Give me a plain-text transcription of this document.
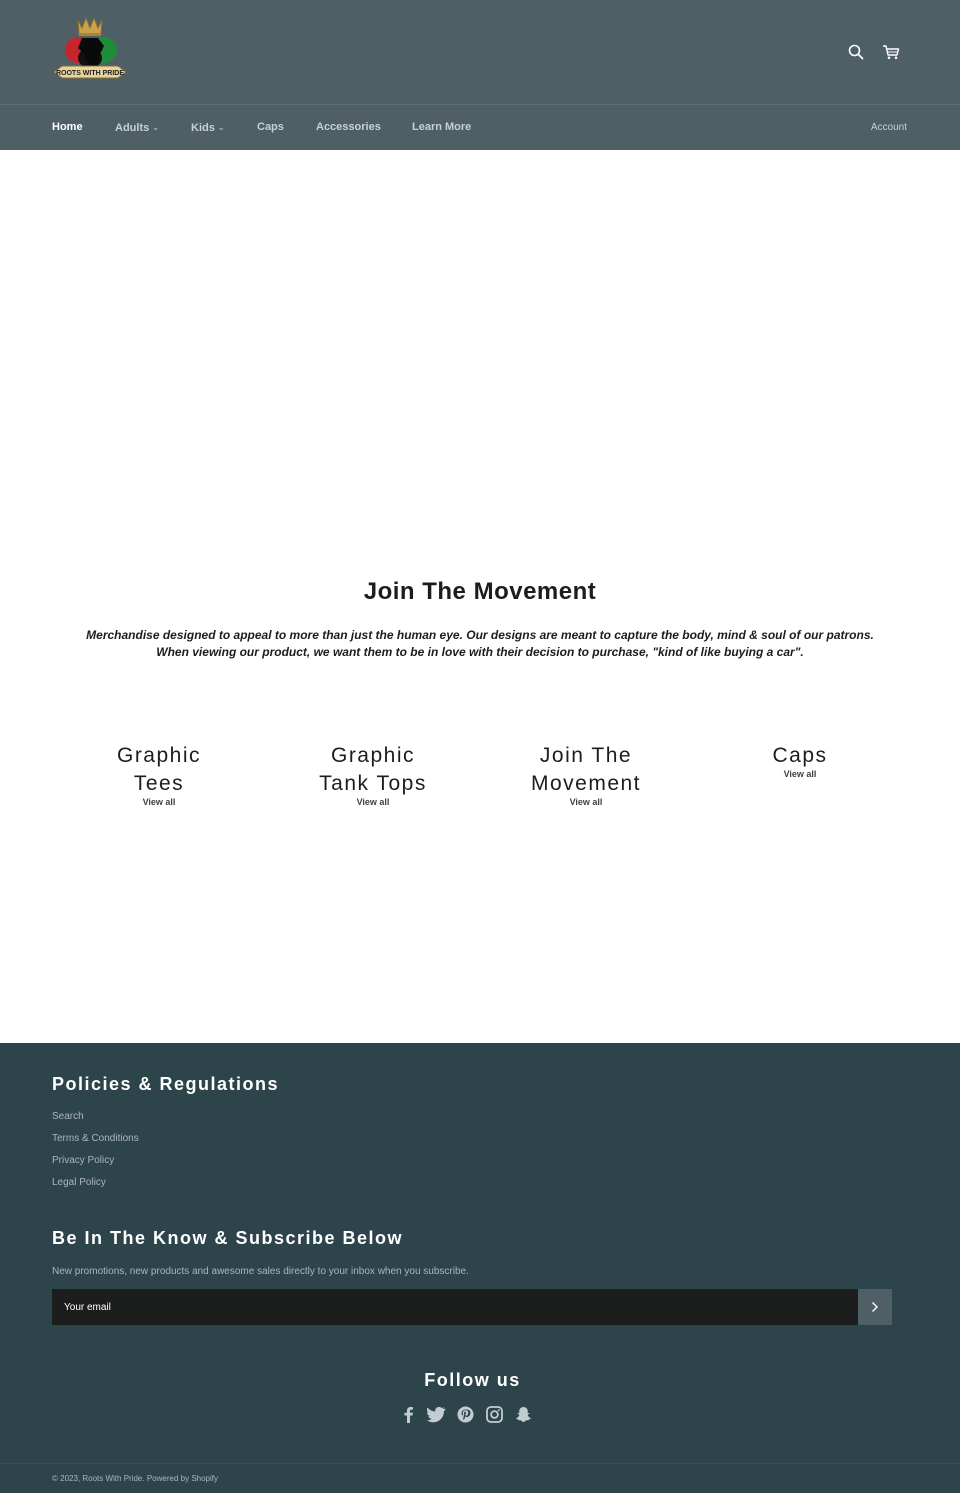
ROOTS WITH PRIDE
Home	Adults ⌄	Kids ⌄	Caps	Accessories	Learn More	Account
Join The Movement
Merchandise designed to appeal to more than just the human eye. Our designs are meant to capture the body, mind & soul of our patrons.
When viewing our product, we want them to be in love with their decision to purchase, "kind of like buying a car".
Graphic
Tees
View all
Graphic
Tank Tops
View all
Join The
Movement
View all
Caps
View all
Policies & Regulations
Search
Terms & Conditions
Privacy Policy
Legal Policy
Be In The Know & Subscribe Below

New promotions, new products and awesome sales directly to your inbox when you subscribe.

Your email
Follow us
© 2023, Roots With Pride. Powered by Shopify
